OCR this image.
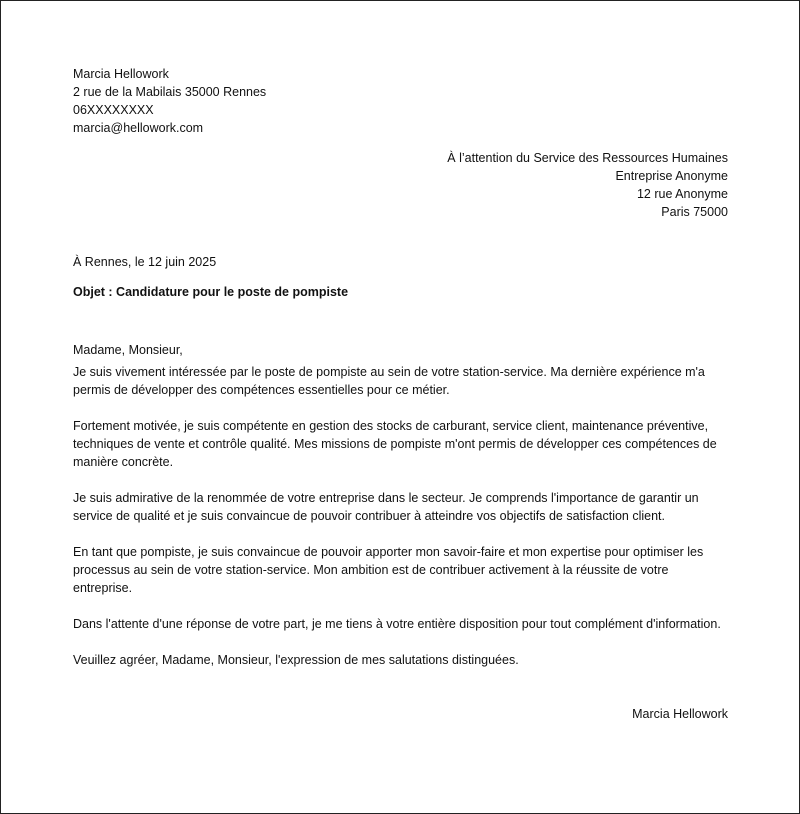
Marcia Hellowork
2 rue de la Mabilais 35000 Rennes
06XXXXXXXX
marcia@hellowork.com
À l’attention du Service des Ressources Humaines
Entreprise Anonyme
12 rue Anonyme
Paris 75000
À Rennes, le 12 juin 2025
Objet : Candidature pour le poste de pompiste
Madame, Monsieur,

Je suis vivement intéressée par le poste de pompiste au sein de votre station-service. Ma dernière expérience m'a permis de développer des compétences essentielles pour ce métier.

Fortement motivée, je suis compétente en gestion des stocks de carburant, service client, maintenance préventive, techniques de vente et contrôle qualité. Mes missions de pompiste m'ont permis de développer ces compétences de manière concrète.

Je suis admirative de la renommée de votre entreprise dans le secteur. Je comprends l'importance de garantir un service de qualité et je suis convaincue de pouvoir contribuer à atteindre vos objectifs de satisfaction client.

En tant que pompiste, je suis convaincue de pouvoir apporter mon savoir-faire et mon expertise pour optimiser les processus au sein de votre station-service. Mon ambition est de contribuer activement à la réussite de votre entreprise.

Dans l'attente d'une réponse de votre part, je me tiens à votre entière disposition pour tout complément d'information.

Veuillez agréer, Madame, Monsieur, l'expression de mes salutations distinguées.
Marcia Hellowork
